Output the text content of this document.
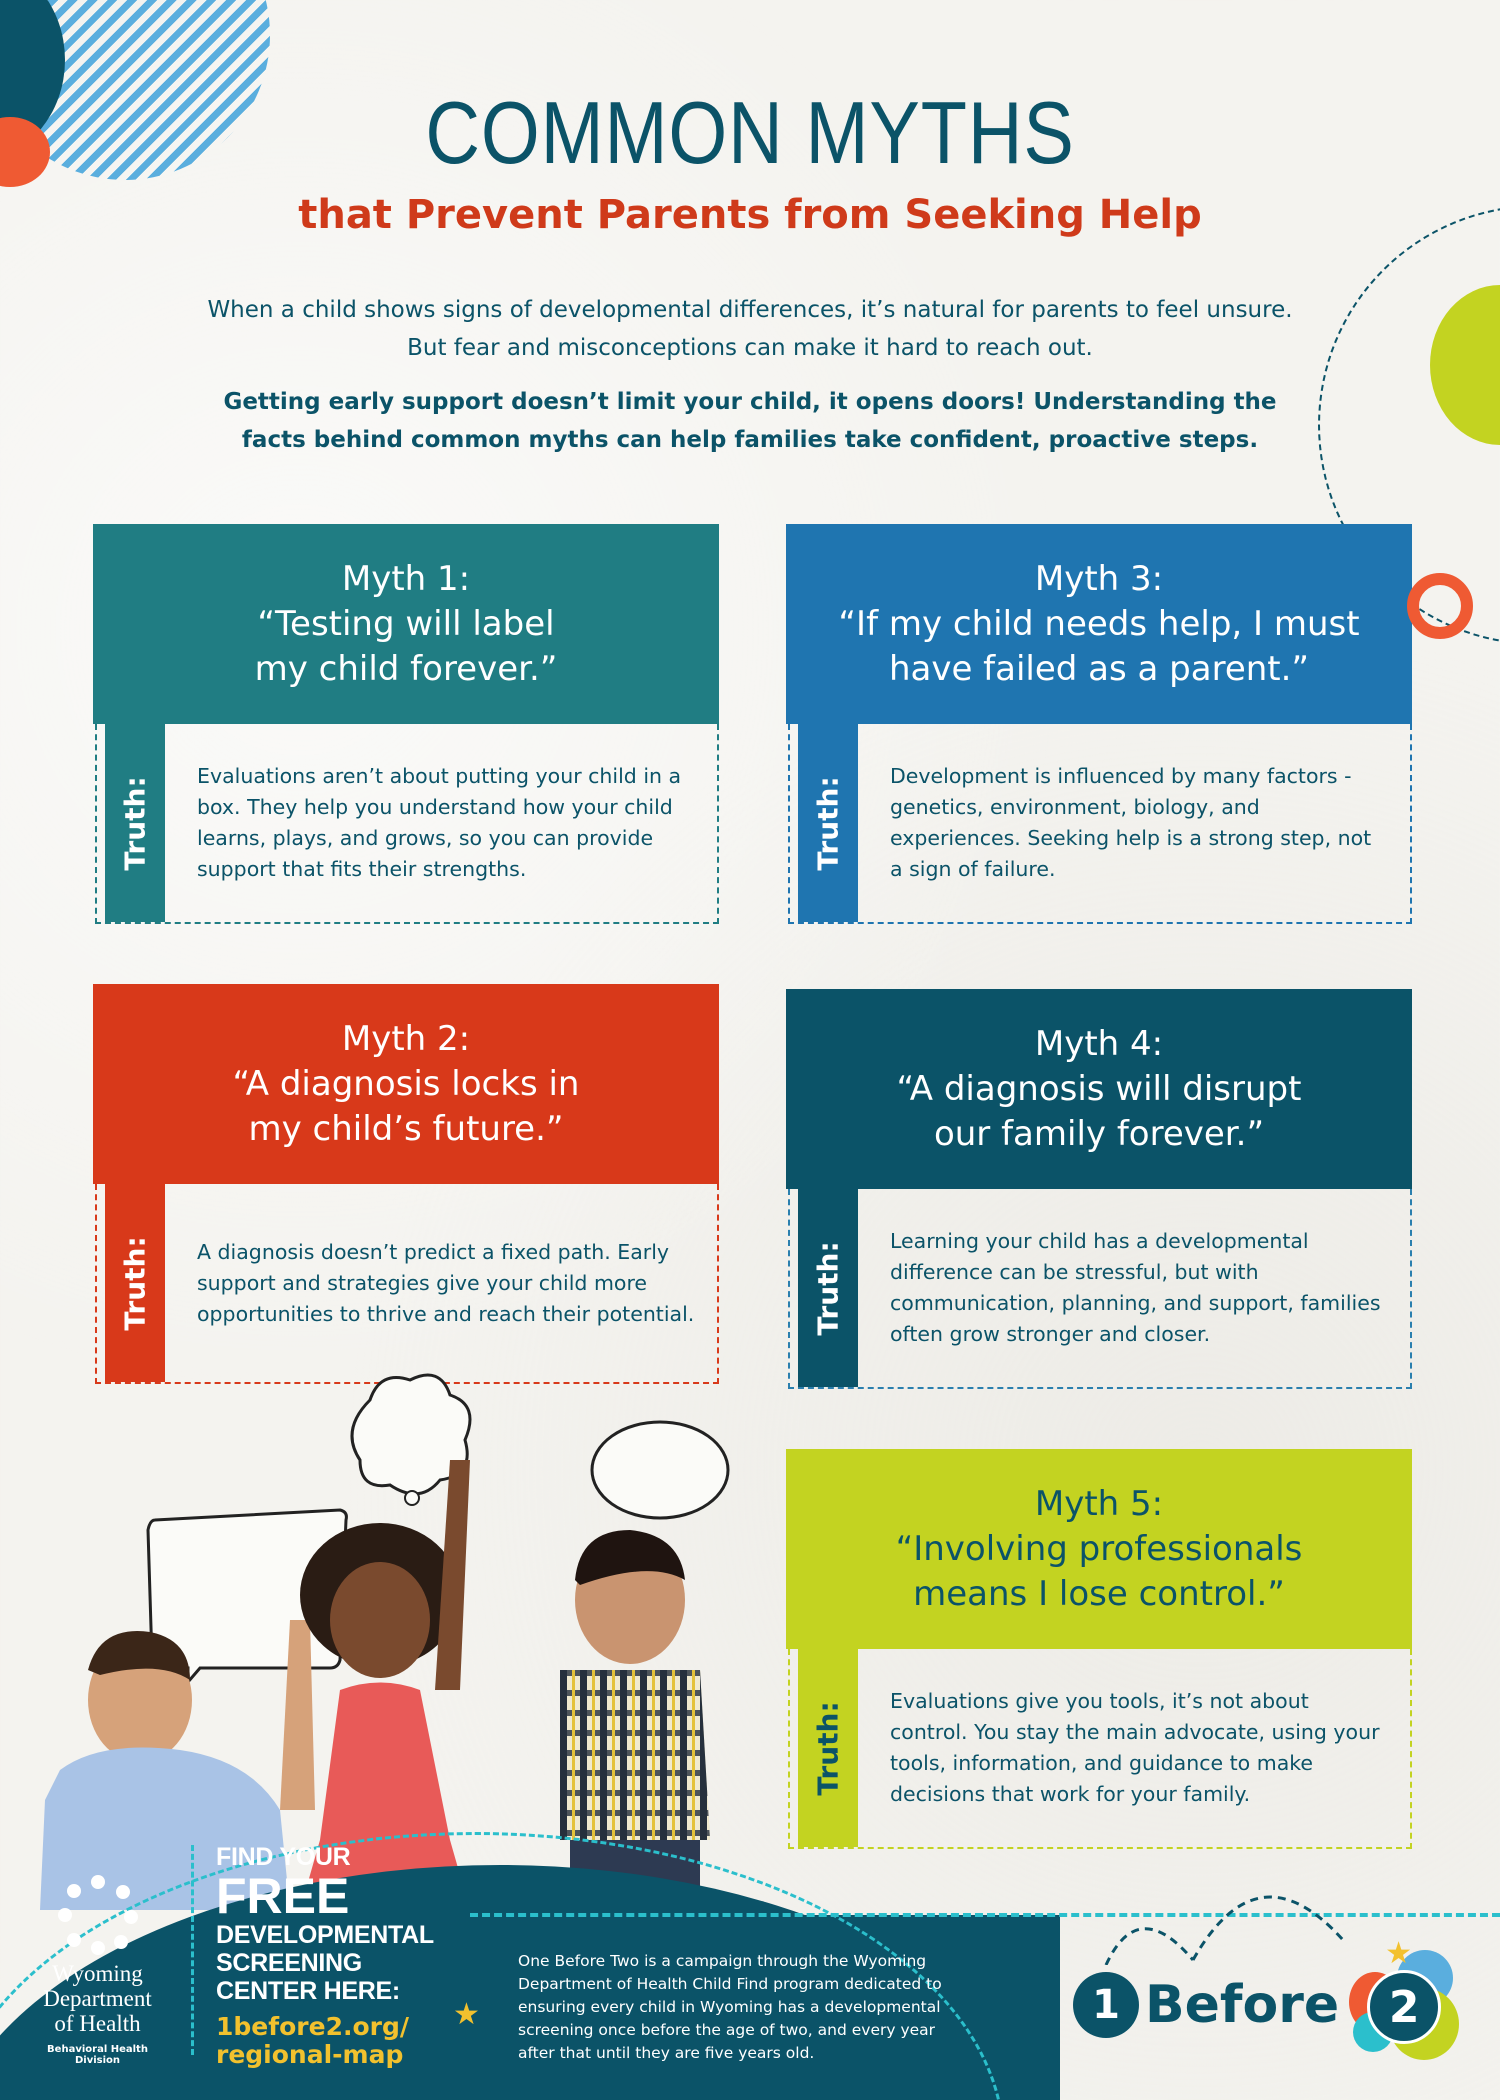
COMMON MYTHS
that Prevent Parents from Seeking Help

When a child shows signs of developmental differences, it’s natural for parents to feel unsure. But fear and misconceptions can make it hard to reach out.

Getting early support doesn’t limit your child, it opens doors! Understanding the facts behind common myths can help families take confident, proactive steps.

Myth 1:
“Testing will label
my child forever.”
Truth: Evaluations aren’t about putting your child in a box. They help you understand how your child learns, plays, and grows, so you can provide support that fits their strengths.
Myth 3:
“If my child needs help, I must
have failed as a parent.”
Truth: Development is influenced by many factors - genetics, environment, biology, and experiences. Seeking help is a strong step, not a sign of failure.
Myth 2:
“A diagnosis locks in
my child’s future.”
Truth: A diagnosis doesn’t predict a fixed path. Early support and strategies give your child more opportunities to thrive and reach their potential.
Myth 4:
“A diagnosis will disrupt
our family forever.”
Truth: Learning your child has a developmental difference can be stressful, but with communication, planning, and support, families often grow stronger and closer.
Myth 5:
“Involving professionals
means I lose control.”
Truth: Evaluations give you tools, it’s not about control. You stay the main advocate, using your tools, information, and guidance to make decisions that work for your family.
Wyoming
Department
of Health
Behavioral Health Division
FIND YOUR
FREE
DEVELOPMENTAL
SCREENING
CENTER HERE:
1before2.org/
regional-map
★

One Before Two is a campaign through the Wyoming Department of Health Child Find program dedicated to ensuring every child in Wyoming has a developmental screening once before the age of two, and every year after that until they are five years old.

1 Before	2
★
